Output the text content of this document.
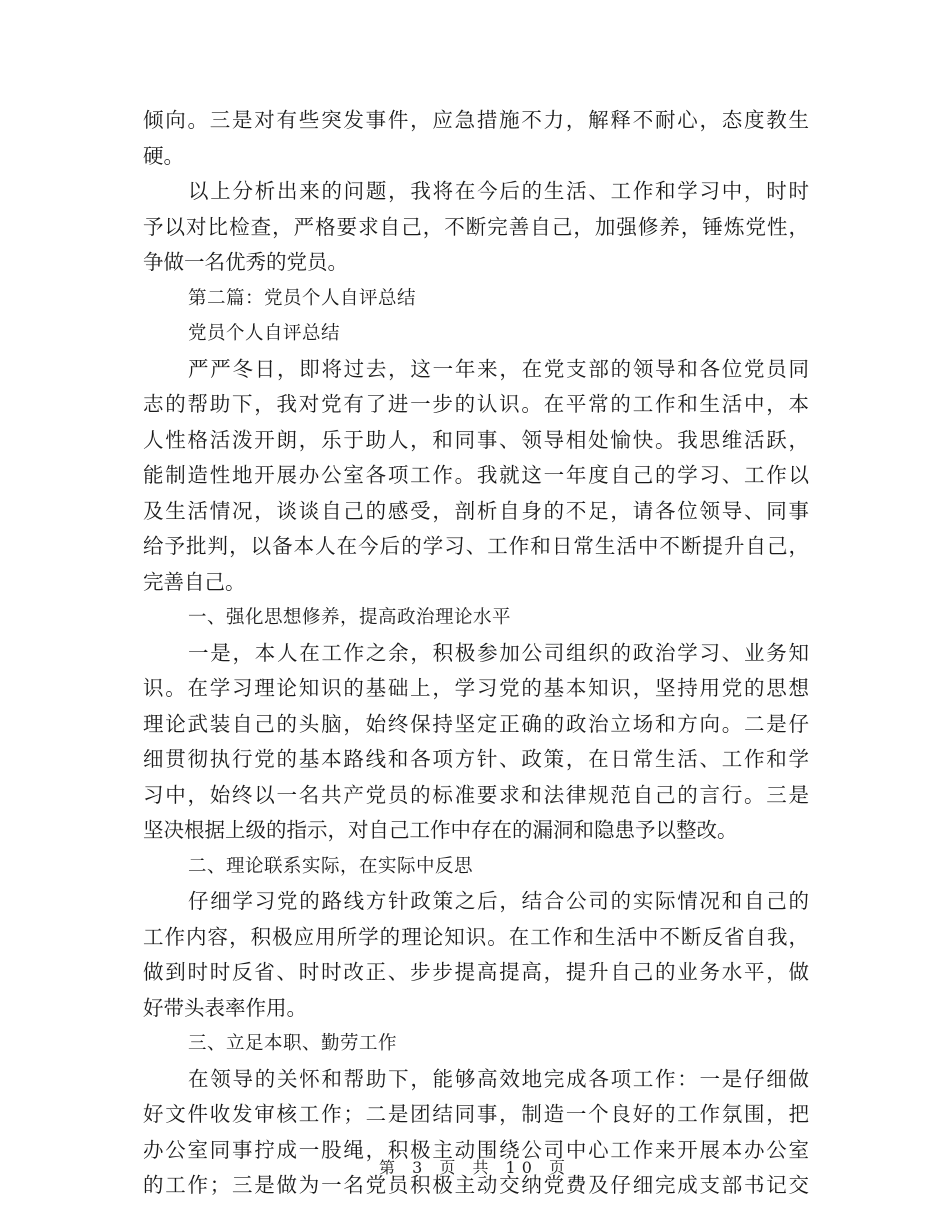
倾向。三是对有些突发事件，应急措施不力，解释不耐心，态度教生
硬。
以上分析出来的问题，我将在今后的生活、工作和学习中，时时
予以对比检查，严格要求自己，不断完善自己，加强修养，锤炼党性，
争做一名优秀的党员。
第二篇：党员个人自评总结
党员个人自评总结
严严冬日，即将过去，这一年来，在党支部的领导和各位党员同
志的帮助下，我对党有了进一步的认识。在平常的工作和生活中，本
人性格活泼开朗，乐于助人，和同事、领导相处愉快。我思维活跃，
能制造性地开展办公室各项工作。我就这一年度自己的学习、工作以
及生活情况，谈谈自己的感受，剖析自身的不足，请各位领导、同事
给予批判，以备本人在今后的学习、工作和日常生活中不断提升自己，
完善自己。
一、强化思想修养，提高政治理论水平
一是，本人在工作之余，积极参加公司组织的政治学习、业务知
识。在学习理论知识的基础上，学习党的基本知识，坚持用党的思想
理论武装自己的头脑，始终保持坚定正确的政治立场和方向。二是仔
细贯彻执行党的基本路线和各项方针、政策，在日常生活、工作和学
习中，始终以一名共产党员的标准要求和法律规范自己的言行。三是
坚决根据上级的指示，对自己工作中存在的漏洞和隐患予以整改。
二、理论联系实际，在实际中反思
仔细学习党的路线方针政策之后，结合公司的实际情况和自己的
工作内容，积极应用所学的理论知识。在工作和生活中不断反省自我，
做到时时反省、时时改正、步步提高提高，提升自己的业务水平，做
好带头表率作用。
三、立足本职、勤劳工作
在领导的关怀和帮助下，能够高效地完成各项工作：一是仔细做
好文件收发审核工作；二是团结同事，制造一个良好的工作氛围，把
办公室同事拧成一股绳，积极主动围绕公司中心工作来开展本办公室
的工作；三是做为一名党员积极主动交纳党费及仔细完成支部书记交
第 3 页 共 10 页
